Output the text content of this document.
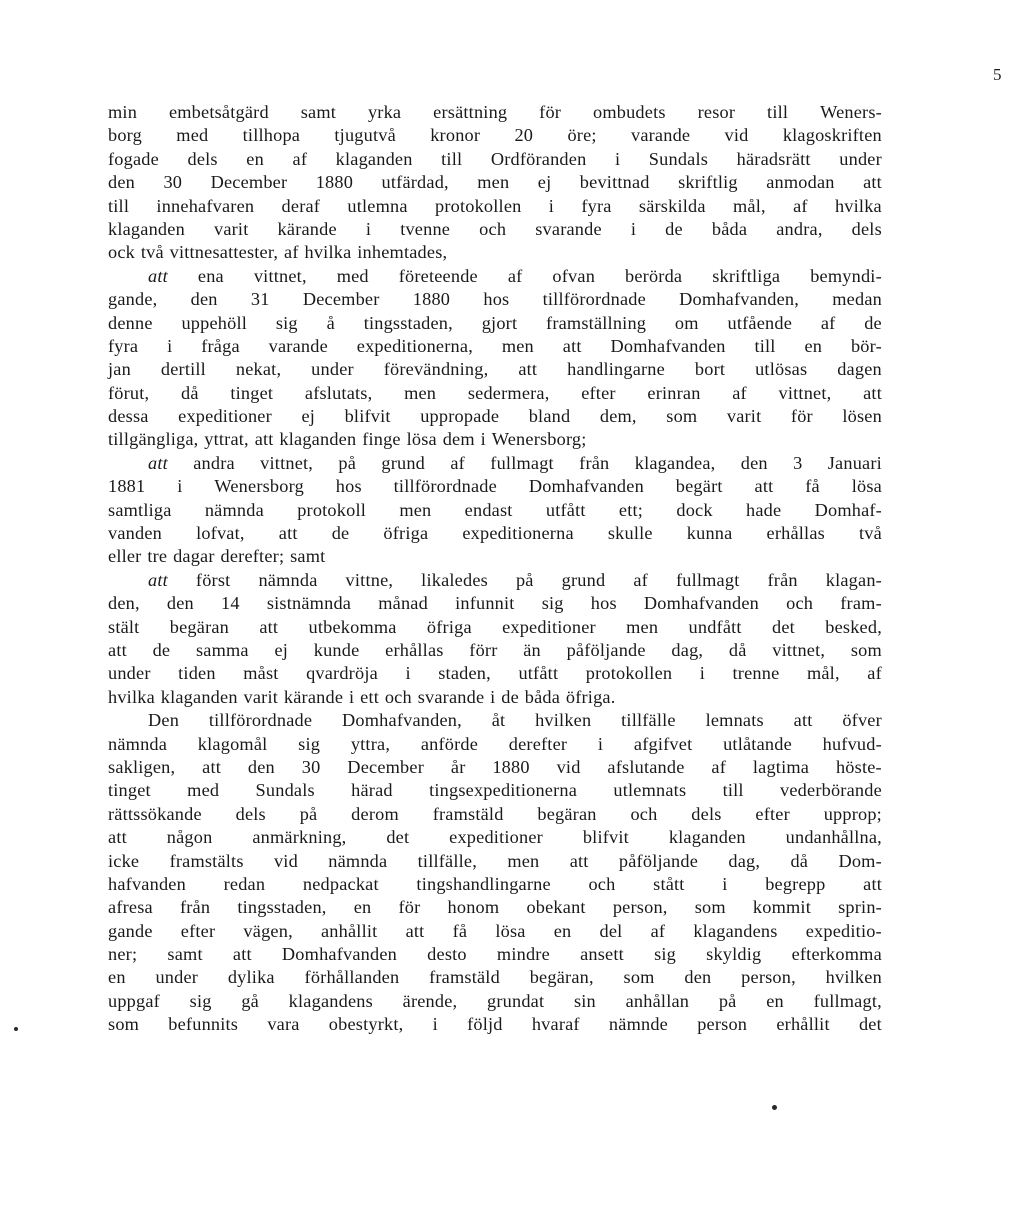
5
min embetsåtgärd samt yrka ersättning för ombudets resor till Weners-
borg med tillhopa tjugutvå kronor 20 öre; varande vid klagoskriften
fogade dels en af klaganden till Ordföranden i Sundals häradsrätt under
den 30 December 1880 utfärdad, men ej bevittnad skriftlig anmodan att
till innehafvaren deraf utlemna protokollen i fyra särskilda mål, af hvilka
klaganden varit kärande i tvenne och svarande i de båda andra, dels
ock två vittnesattester, af hvilka inhemtades,
att ena vittnet, med företeende af ofvan berörda skriftliga bemyndi-
gande, den 31 December 1880 hos tillförordnade Domhafvanden, medan
denne uppehöll sig å tingsstaden, gjort framställning om utfående af de
fyra i fråga varande expeditionerna, men att Domhafvanden till en bör-
jan dertill nekat, under förevändning, att handlingarne bort utlösas dagen
förut, då tinget afslutats, men sedermera, efter erinran af vittnet, att
dessa expeditioner ej blifvit uppropade bland dem, som varit för lösen
tillgängliga, yttrat, att klaganden finge lösa dem i Wenersborg;
att andra vittnet, på grund af fullmagt från klagandea, den 3 Januari
1881 i Wenersborg hos tillförordnade Domhafvanden begärt att få lösa
samtliga nämnda protokoll men endast utfått ett; dock hade Domhaf-
vanden lofvat, att de öfriga expeditionerna skulle kunna erhållas två
eller tre dagar derefter; samt
att först nämnda vittne, likaledes på grund af fullmagt från klagan-
den, den 14 sistnämnda månad infunnit sig hos Domhafvanden och fram-
stält begäran att utbekomma öfriga expeditioner men undfått det besked,
att de samma ej kunde erhållas förr än påföljande dag, då vittnet, som
under tiden måst qvardröja i staden, utfått protokollen i trenne mål, af
hvilka klaganden varit kärande i ett och svarande i de båda öfriga.
Den tillförordnade Domhafvanden, åt hvilken tillfälle lemnats att öfver
nämnda klagomål sig yttra, anförde derefter i afgifvet utlåtande hufvud-
sakligen, att den 30 December år 1880 vid afslutande af lagtima höste-
tinget med Sundals härad tingsexpeditionerna utlemnats till vederbörande
rättssökande dels på derom framstäld begäran och dels efter upprop;
att någon anmärkning, det expeditioner blifvit klaganden undanhållna,
icke framstälts vid nämnda tillfälle, men att påföljande dag, då Dom-
hafvanden redan nedpackat tingshandlingarne och stått i begrepp att
afresa från tingsstaden, en för honom obekant person, som kommit sprin-
gande efter vägen, anhållit att få lösa en del af klagandens expeditio-
ner; samt att Domhafvanden desto mindre ansett sig skyldig efterkomma
en under dylika förhållanden framstäld begäran, som den person, hvilken
uppgaf sig gå klagandens ärende, grundat sin anhållan på en fullmagt,
som befunnits vara obestyrkt, i följd hvaraf nämnde person erhållit det
